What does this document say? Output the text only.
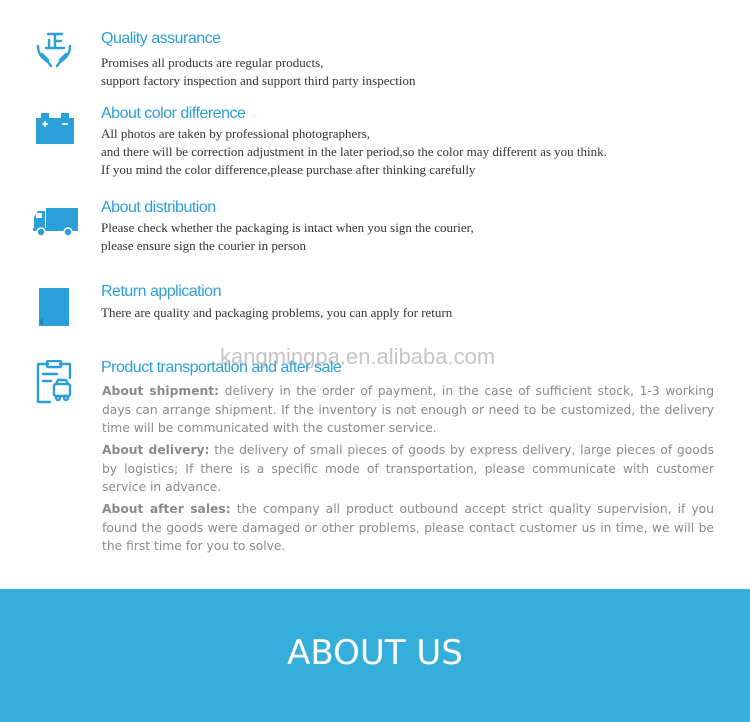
Quality assurance
Promises all products are regular products,
support factory inspection and support third party inspection
About color difference
All photos are taken by professional photographers,
and there will be correction adjustment in the later period,so the color may different as you think.
If you mind the color difference,please purchase after thinking carefully
About distribution
Please check whether the packaging is intact when you sign the courier,
please ensure sign the courier in person
Return application
There are quality and packaging problems, you can apply for return
Product transportation and after sale
About shipment: delivery in the order of payment, in the case of sufficient stock, 1-3 working days can arrange shipment. If the inventory is not enough or need to be customized, the delivery time will be communicated with the customer service.
About delivery: the delivery of small pieces of goods by express delivery, large pieces of goods by logistics; If there is a specific mode of transportation, please communicate with customer service in advance.
About after sales: the company all product outbound accept strict quality supervision, if you found the goods were damaged or other problems, please contact customer us in time, we will be the first time for you to solve.
kangmingpa.en.alibaba.com
ABOUT US
